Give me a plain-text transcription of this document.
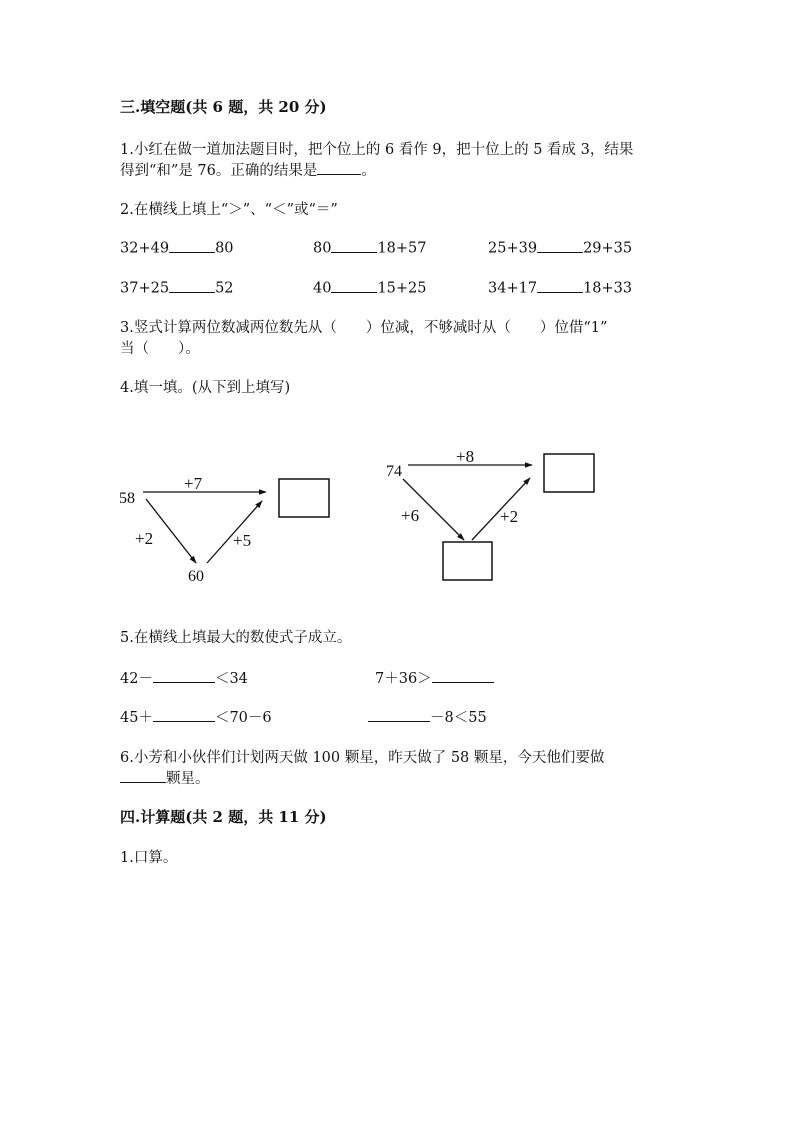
三.填空题(共 6 题，共 20 分)
1.小红在做一道加法题目时，把个位上的 6 看作 9，把十位上的 5 看成 3，结果
得到“和”是 76。正确的结果是	。
2.在横线上填上“＞”、“＜”或“＝”
32+49	80	80	18+57	25+39	29+35
37+25	52	40	15+25	34+17	18+33
3.竖式计算两位数减两位数先从（　　）位减，不够减时从（　　）位借“1”
当（　　）。
4.填一填。(从下到上填写)
58
+7
+2	+5
60
74
+8
+6	+2
5.在横线上填最大的数使式子成立。
42－	＜34	7＋36＞
45＋	＜70－6	－8＜55
6.小芳和小伙伴们计划两天做 100 颗星，昨天做了 58 颗星，今天他们要做
颗星。
四.计算题(共 2 题，共 11 分)
1.口算。
